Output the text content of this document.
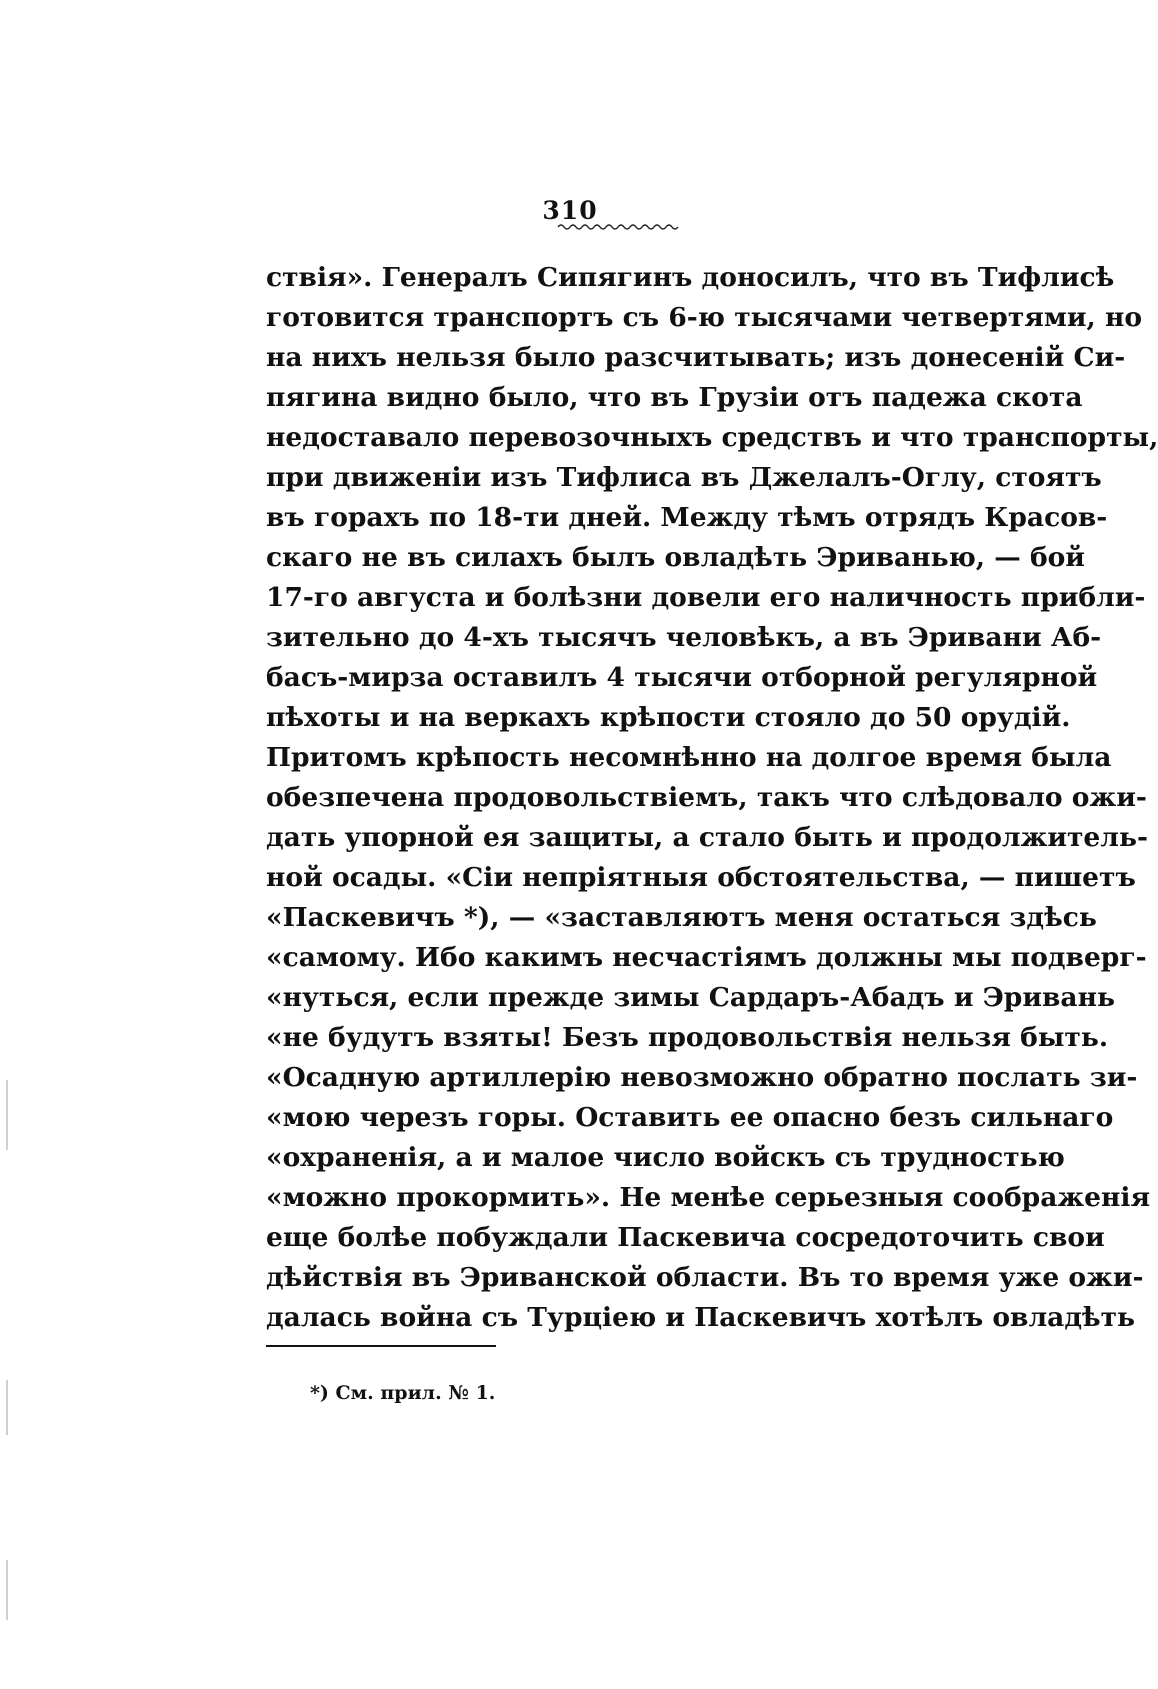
310
ствія». Генералъ Сипягинъ доносилъ, что въ Тифлисѣ
готовится транспортъ съ 6-ю тысячами четвертями, но
на нихъ нельзя было разсчитывать; изъ донесеній Си-
пягина видно было, что въ Грузіи отъ падежа скота
недоставало перевозочныхъ средствъ и что транспорты,
при движеніи изъ Тифлиса въ Джелалъ-Оглу, стоятъ
въ горахъ по 18-ти дней. Между тѣмъ отрядъ Красов-
скаго не въ силахъ былъ овладѣть Эриванью, — бой
17-го августа и болѣзни довели его наличность прибли-
зительно до 4-хъ тысячъ человѣкъ, а въ Эривани Аб-
басъ-мирза оставилъ 4 тысячи отборной регулярной
пѣхоты и на веркахъ крѣпости стояло до 50 орудій.
Притомъ крѣпость несомнѣнно на долгое время была
обезпечена продовольствіемъ, такъ что слѣдовало ожи-
дать упорной ея защиты, а стало быть и продолжитель-
ной осады. «Сіи непріятныя обстоятельства, — пишетъ
«Паскевичъ *), — «заставляютъ меня остаться здѣсь
«самому. Ибо какимъ несчастіямъ должны мы подверг-
«нуться, если прежде зимы Сардаръ-Абадъ и Эривань
«не будутъ взяты! Безъ продовольствія нельзя быть.
«Осадную артиллерію невозможно обратно послать зи-
«мою черезъ горы. Оставить ее опасно безъ сильнаго
«охраненія, а и малое число войскъ съ трудностью
«можно прокормить». Не менѣе серьезныя соображенія
еще болѣе побуждали Паскевича сосредоточить свои
дѣйствія въ Эриванской области. Въ то время уже ожи-
далась война съ Турціею и Паскевичъ хотѣлъ овладѣть
*) См. прил. № 1.
